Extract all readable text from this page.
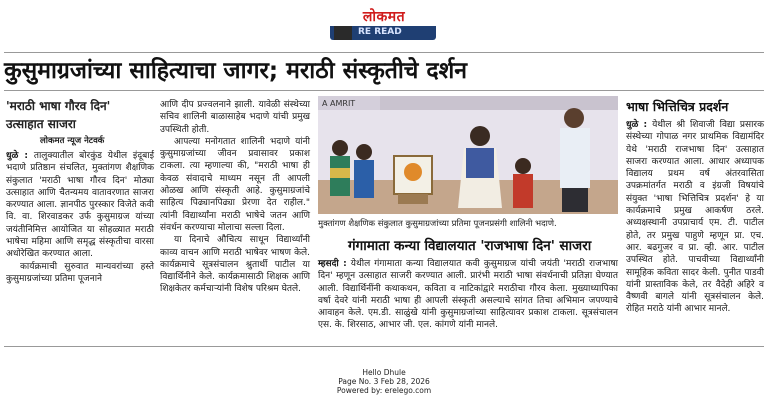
लोकमत
RE READ
कुसुमाग्रजांच्या साहित्याचा जागर; मराठी संस्कृतीचे दर्शन
'मराठी भाषा गौरव दिन'
उत्साहात साजरा
लोकमत न्यूज नेटवर्क

धुळे : तालुक्यातील बोरकुंड येथील इंदूबाई भदाणे प्रतिष्ठान संचलित, मुक्तांगण शैक्षणिक संकुलात 'मराठी भाषा गौरव दिन' मोठ्या उत्साहात आणि चैतन्यमय वातावरणात साजरा करण्यात आला. ज्ञानपीठ पुरस्कार विजेते कवी वि. वा. शिरवाडकर उर्फ कुसुमाग्रज यांच्या जयंतीनिमित्त आयोजित या सोहळ्यात मराठी भाषेचा महिमा आणि समृद्ध संस्कृतीचा वारसा अधोरेखित करण्यात आला.

कार्यक्रमाची सुरुवात मान्यवरांच्या हस्ते कुसुमाग्रजांच्या प्रतिमा पूजनाने

आणि दीप प्रज्वलनाने झाली. यावेळी संस्थेच्या सचिव शालिनी बाळासाहेब भदाणे यांची प्रमुख उपस्थिती होती.

आपल्या मनोगतात शालिनी भदाणे यांनी कुसुमाग्रजांच्या जीवन प्रवासावर प्रकाश टाकला. त्या म्हणाल्या की, "मराठी भाषा ही केवळ संवादाचे माध्यम नसून ती आपली ओळख आणि संस्कृती आहे. कुसुमाग्रजांचे साहित्य पिढ्यानपिढ्या प्रेरणा देत राहील." त्यांनी विद्यार्थ्यांना मराठी भाषेचे जतन आणि संवर्धन करण्याचा मोलाचा सल्ला दिला.

या दिनाचे औचित्य साधून विद्यार्थ्यांनी काव्य वाचन आणि मराठी भाषेवर भाषण केले. कार्यक्रमाचे सूत्रसंचालन श्रुतार्थी पाटील या विद्यार्थिनीने केले. कार्यक्रमासाठी शिक्षक आणि शिक्षकेतर कर्मचाऱ्यांनी विशेष परिश्रम घेतले.

A AMRIT
मुक्तांगण शैक्षणिक संकुलात कुसुमाग्रजांच्या प्रतिमा पूजनप्रसंगी शालिनी भदाणे.
गंगामाता कन्या विद्यालयात 'राजभाषा दिन' साजरा

म्हसदी : येथील गंगामाता कन्या विद्यालयात कवी कुसुमाग्रज यांची जयंती 'मराठी राजभाषा दिन' म्हणून उत्साहात साजरी करण्यात आली. प्रारंभी मराठी भाषा संवर्धनाची प्रतिज्ञा घेण्यात आली. विद्यार्थिनींनी कथाकथन, कविता व नाटिकांद्वारे मराठीचा गौरव केला. मुख्याध्यापिका वर्षा देवरे यांनी मराठी भाषा ही आपली संस्कृती असल्याचे सांगत तिचा अभिमान जपण्याचे आवाहन केले. एम.डी. साळुंखे यांनी कुसुमाग्रजांच्या साहित्यावर प्रकाश टाकला. सूत्रसंचालन एस. के. शिरसाठ, आभार जी. एल. कांगणे यांनी मानले.

भाषा भित्तिचित्र प्रदर्शन

धुळे : येथील श्री शिवाजी विद्या प्रसारक संस्थेच्या गोपाळ नगर प्राथमिक विद्यामंदिर येथे 'मराठी राजभाषा दिन' उत्साहात साजरा करण्यात आला. आधार अध्यापक विद्यालय प्रथम वर्ष अंतरवासिता उपक्रमांतर्गत मराठी व इंग्रजी विषयांचे संयुक्त 'भाषा भित्तिचित्र प्रदर्शन' हे या कार्यक्रमाचे प्रमुख आकर्षण ठरले. अध्यक्षस्थानी उपप्राचार्य एम. टी. पाटील होते, तर प्रमुख पाहुणे म्हणून प्रा. एच. आर. बढगुजर व प्रा. व्ही. आर. पाटील उपस्थित होते. पाचवीच्या विद्यार्थ्यांनी सामूहिक कविता सादर केली. पुनीत पाडवी यांनी प्रास्ताविक केले, तर वैदेही अहिरे व वैष्णवी बागले यांनी सूत्रसंचालन केले. रोहित मराठे यांनी आभार मानले.

Hello Dhule
Page No. 3 Feb 28, 2026
Powered by: erelego.com
